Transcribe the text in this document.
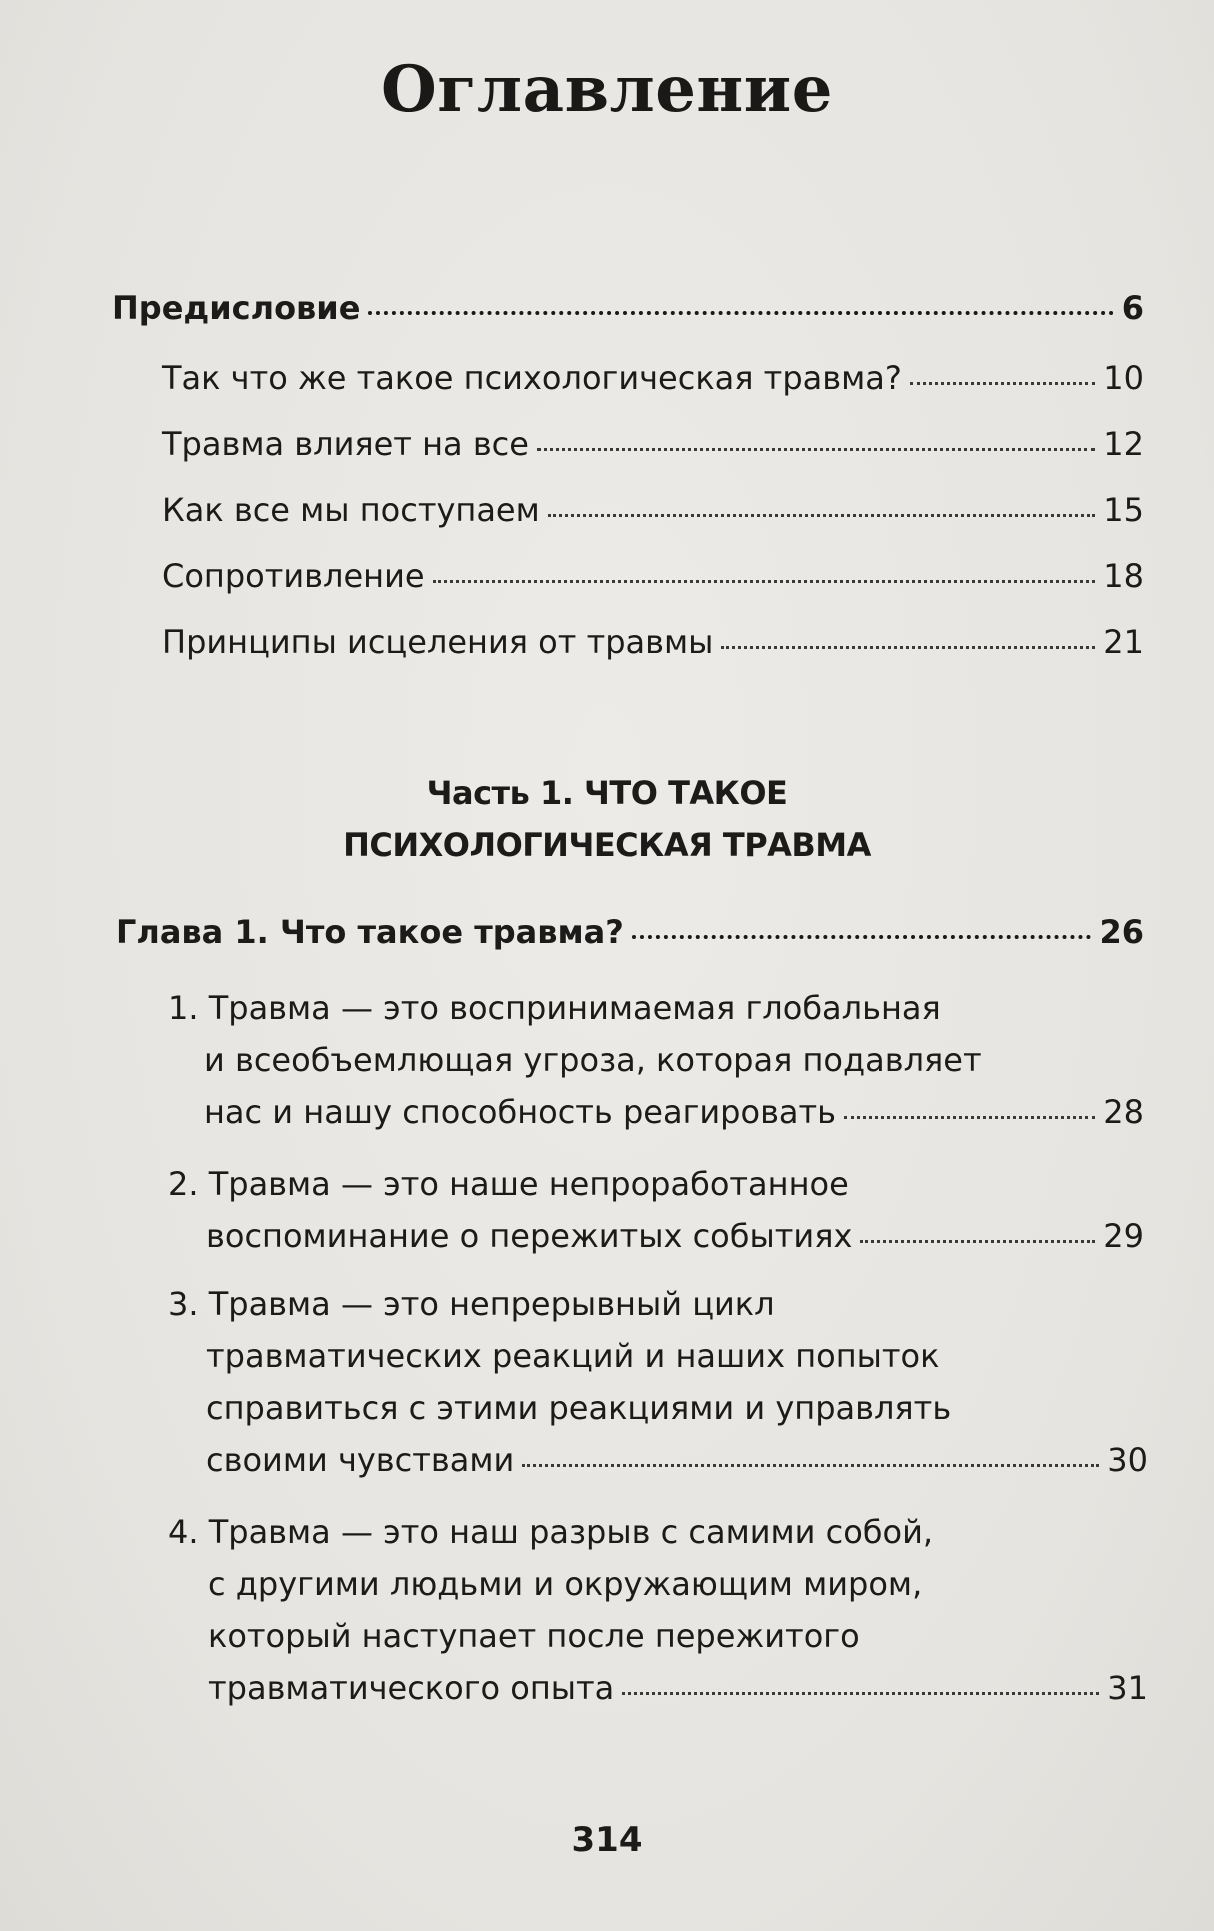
Оглавление
Предисловие	6
Так что же такое психологическая травма?	10
Травма влияет на все	12
Как все мы поступаем	15
Сопротивление	18
Принципы исцеления от травмы	21
Часть 1. ЧТО ТАКОЕ
ПСИХОЛОГИЧЕСКАЯ ТРАВМА
Глава 1. Что такое травма?	26
1. Травма — это воспринимаемая глобальная
и всеобъемлющая угроза, которая подавляет
нас и нашу способность реагировать	28
2. Травма — это наше непроработанное
воспоминание о пережитых событиях	29
3. Травма — это непрерывный цикл
травматических реакций и наших попыток
справиться с этими реакциями и управлять
своими чувствами	30
4. Травма — это наш разрыв с самими собой,
с другими людьми и окружающим миром,
который наступает после пережитого
травматического опыта	31
314
